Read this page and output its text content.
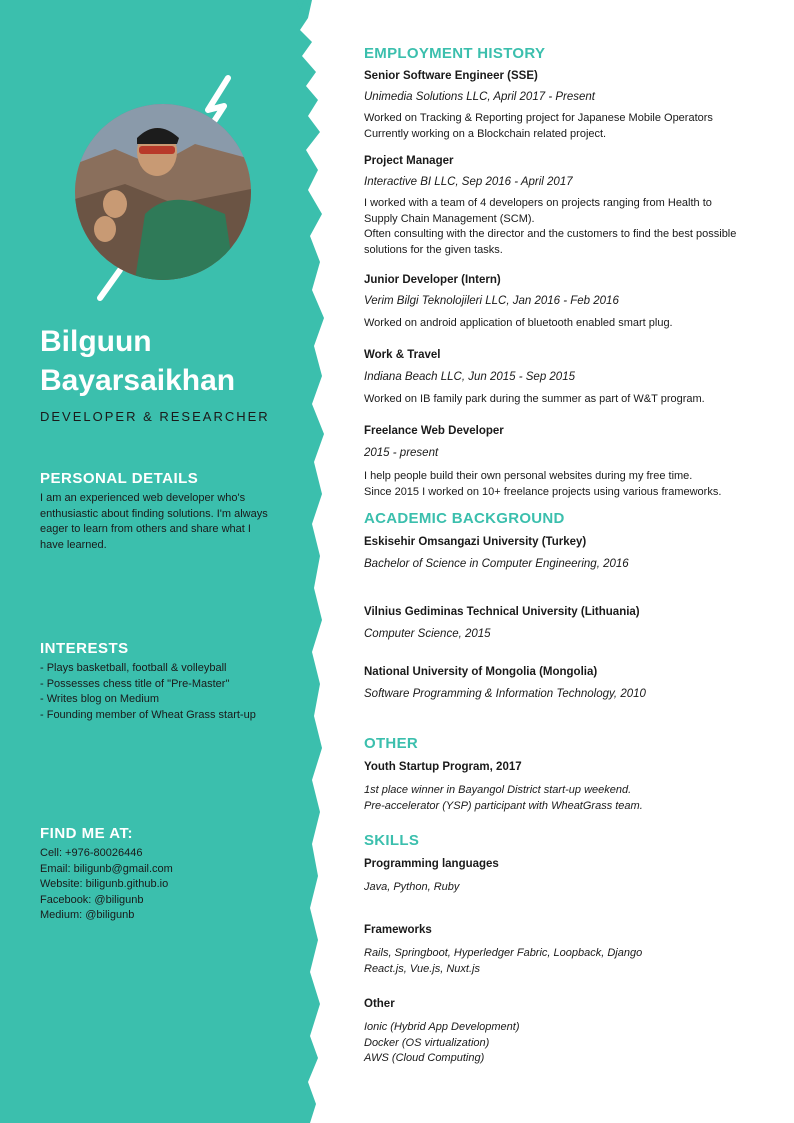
Bilguun
Bayarsaikhan
DEVELOPER & RESEARCHER
PERSONAL DETAILS
I am an experienced web developer who's
enthusiastic about finding solutions. I'm always
eager to learn from others and share what I
have learned.
INTERESTS
- Plays basketball, football & volleyball
- Possesses chess title of "Pre-Master"
- Writes blog on Medium
- Founding member of Wheat Grass start-up
FIND ME AT:
Cell: +976-80026446
Email: biligunb@gmail.com
Website: biligunb.github.io
Facebook: @biligunb
Medium: @biligunb
EMPLOYMENT HISTORY
Senior Software Engineer (SSE)
Unimedia Solutions LLC, April 2017 - Present
Worked on Tracking & Reporting project for Japanese Mobile Operators
Currently working on a Blockchain related project.
Project Manager
Interactive BI LLC, Sep 2016 - April 2017
I worked with a team of 4 developers on projects ranging from Health to
Supply Chain Management (SCM).
Often consulting with the director and the customers to find the best possible
solutions for the given tasks.
Junior Developer (Intern)
Verim Bilgi Teknolojileri LLC, Jan 2016 - Feb 2016
Worked on android application of bluetooth enabled smart plug.
Work & Travel
Indiana Beach LLC, Jun 2015 - Sep 2015
Worked on IB family park during the summer as part of W&T program.
Freelance Web Developer
2015 - present
I help people build their own personal websites during my free time.
Since 2015 I worked on 10+ freelance projects using various frameworks.
ACADEMIC BACKGROUND
Eskisehir Omsangazi University (Turkey)
Bachelor of Science in Computer Engineering, 2016
Vilnius Gediminas Technical University (Lithuania)
Computer Science, 2015
National University of Mongolia (Mongolia)
Software Programming & Information Technology, 2010
OTHER
Youth Startup Program, 2017
1st place winner in Bayangol District start-up weekend.
Pre-accelerator (YSP) participant with WheatGrass team.
SKILLS
Programming languages
Java, Python, Ruby
Frameworks
Rails, Springboot, Hyperledger Fabric, Loopback, Django
React.js, Vue.js, Nuxt.js
Other
Ionic (Hybrid App Development)
Docker (OS virtualization)
AWS (Cloud Computing)
